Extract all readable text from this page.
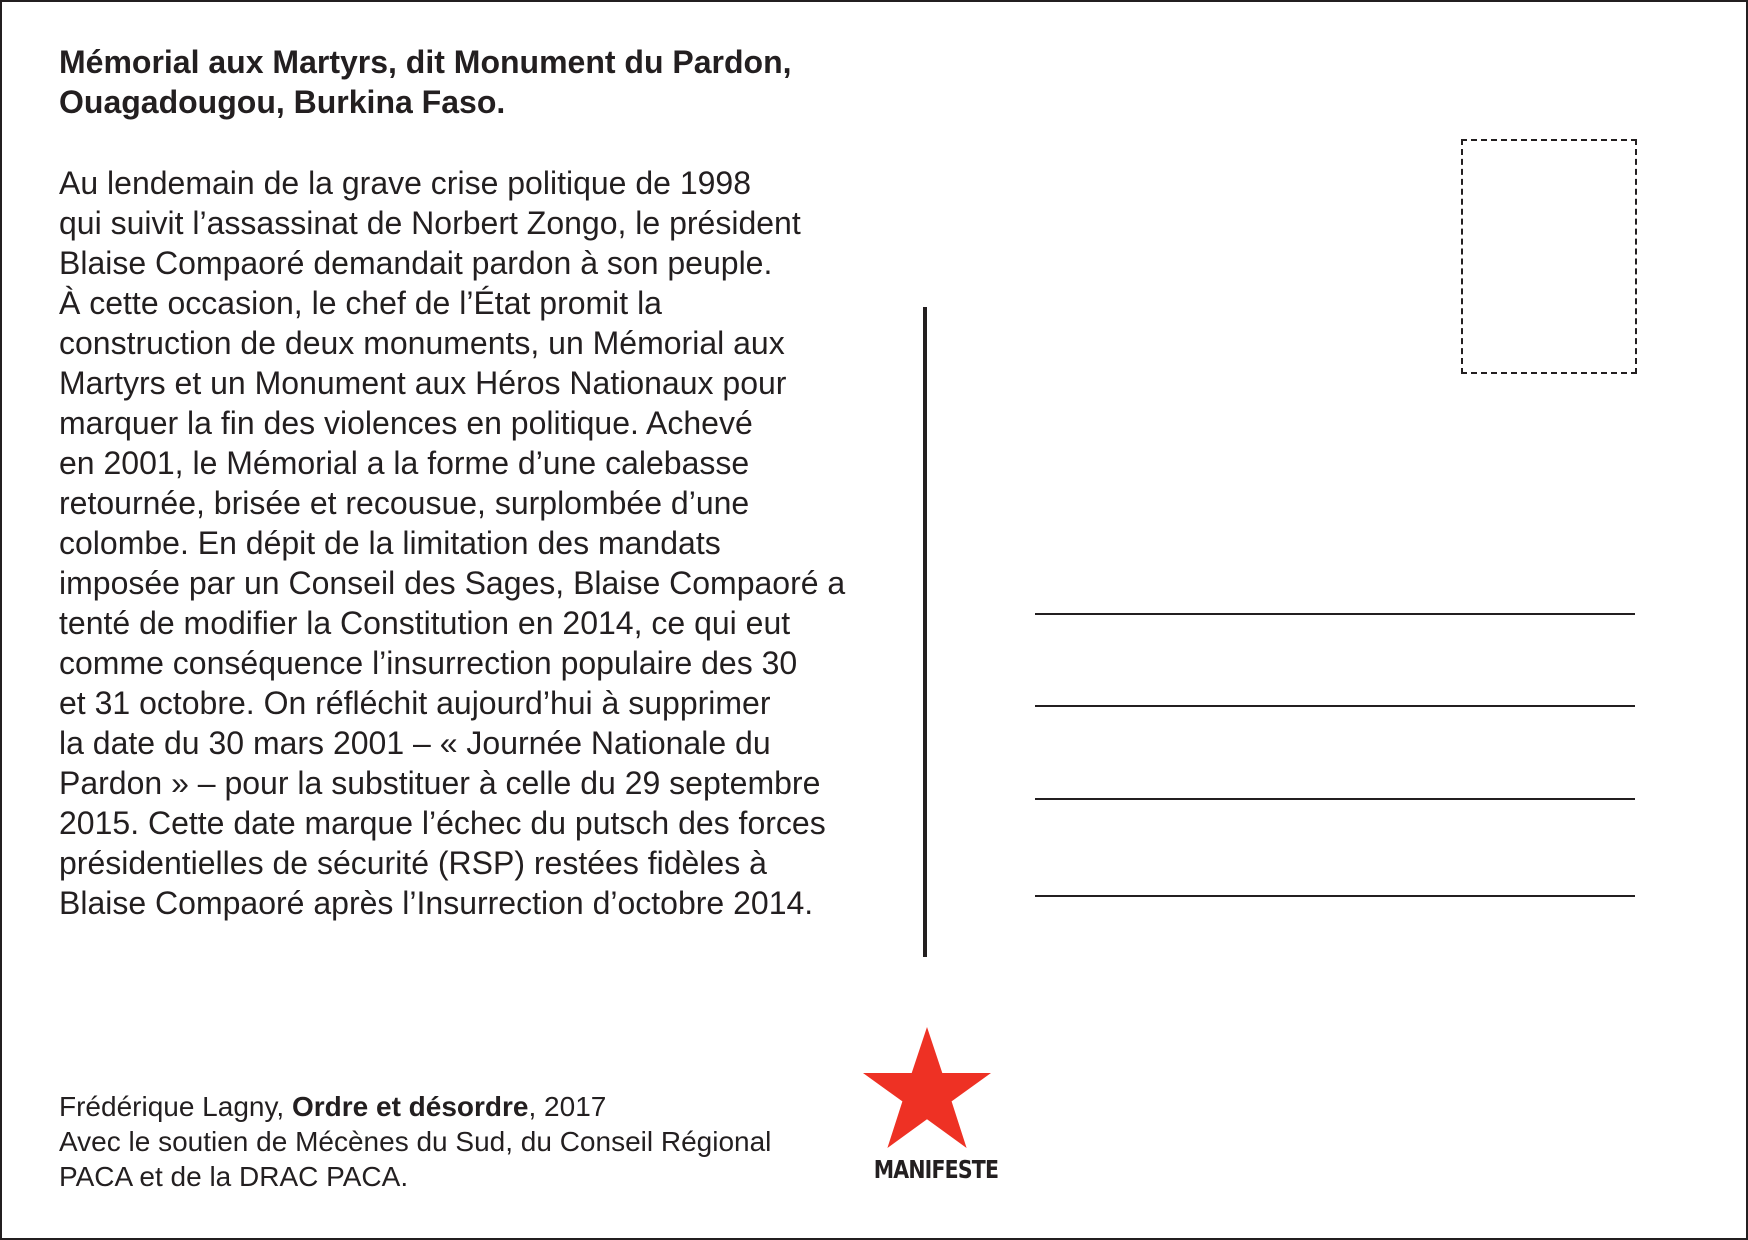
Mémorial aux Martyrs, dit Monument du Pardon,
Ouagadougou, Burkina Faso.

Au lendemain de la grave crise politique de 1998
qui suivit l’assassinat de Norbert Zongo, le président
Blaise Compaoré demandait pardon à son peuple.
À cette occasion, le chef de l’État promit la
construction de deux monuments, un Mémorial aux
Martyrs et un Monument aux Héros Nationaux pour
marquer la fin des violences en politique. Achevé
en 2001, le Mémorial a la forme d’une calebasse
retournée, brisée et recousue, surplombée d’une
colombe. En dépit de la limitation des mandats
imposée par un Conseil des Sages, Blaise Compaoré a
tenté de modifier la Constitution en 2014, ce qui eut
comme conséquence l’insurrection populaire des 30
et 31 octobre. On réfléchit aujourd’hui à supprimer
la date du 30 mars 2001 – « Journée Nationale du
Pardon » – pour la substituer à celle du 29 septembre
2015. Cette date marque l’échec du putsch des forces
présidentielles de sécurité (RSP) restées fidèles à
Blaise Compaoré après l’Insurrection d’octobre 2014.

Frédérique Lagny, Ordre et désordre, 2017
Avec le soutien de Mécènes du Sud, du Conseil Régional
PACA et de la DRAC PACA.	MANIFESTE
